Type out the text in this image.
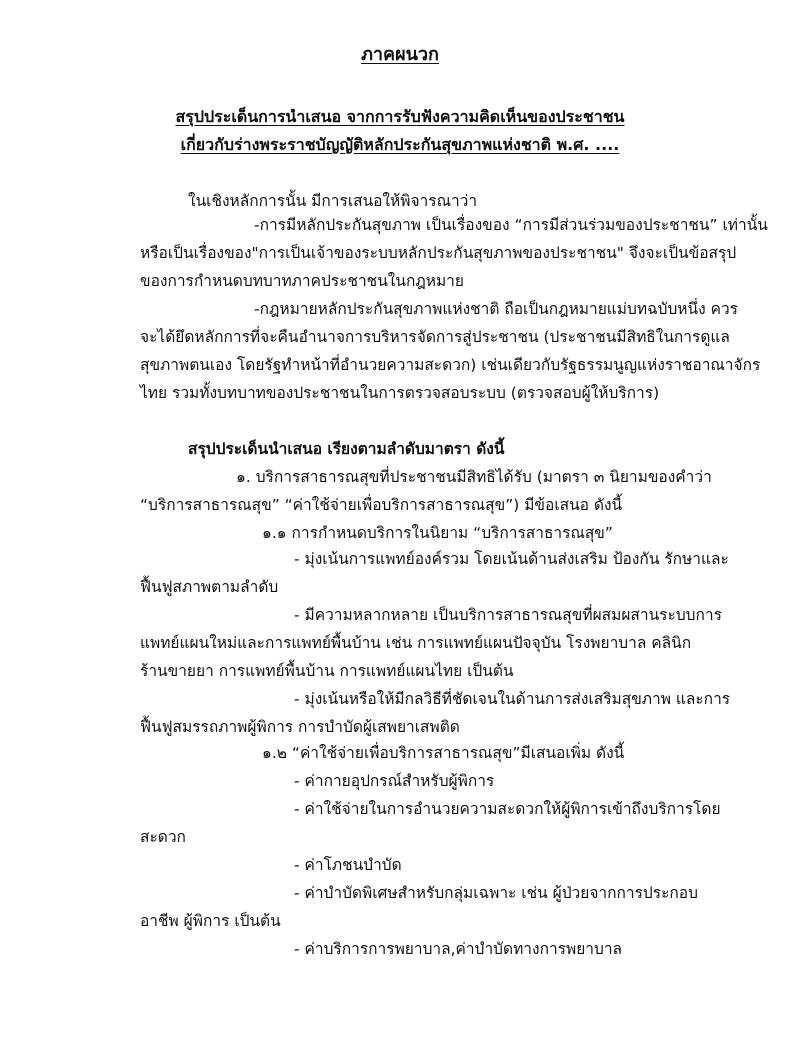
ภาคผนวก
สรุปประเด็นการนำเสนอ จากการรับฟังความคิดเห็นของประชาชน
เกี่ยวกับร่างพระราชบัญญัติหลักประกันสุขภาพแห่งชาติ พ.ศ. ....
ในเชิงหลักการนั้น มีการเสนอให้พิจารณาว่า
-การมีหลักประกันสุขภาพ เป็นเรื่องของ “การมีส่วนร่วมของประชาชน” เท่านั้น
หรือเป็นเรื่องของ"การเป็นเจ้าของระบบหลักประกันสุขภาพของประชาชน" จึงจะเป็นข้อสรุป
ของการกำหนดบทบาทภาคประชาชนในกฎหมาย
-กฎหมายหลักประกันสุขภาพแห่งชาติ ถือเป็นกฎหมายแม่บทฉบับหนึ่ง ควร
จะได้ยึดหลักการที่จะคืนอำนาจการบริหารจัดการสู่ประชาชน (ประชาชนมีสิทธิในการดูแล
สุขภาพตนเอง โดยรัฐทำหน้าที่อำนวยความสะดวก) เช่นเดียวกับรัฐธรรมนูญแห่งราชอาณาจักร
ไทย รวมทั้งบทบาทของประชาชนในการตรวจสอบระบบ (ตรวจสอบผู้ให้บริการ)
สรุปประเด็นนำเสนอ เรียงตามลำดับมาตรา ดังนี้
๑. บริการสาธารณสุขที่ประชาชนมีสิทธิได้รับ (มาตรา ๓ นิยามของคำว่า
“บริการสาธารณสุข” “ค่าใช้จ่ายเพื่อบริการสาธารณสุข”) มีข้อเสนอ ดังนี้
๑.๑ การกำหนดบริการในนิยาม “บริการสาธารณสุข”
- มุ่งเน้นการแพทย์องค์รวม โดยเน้นด้านส่งเสริม ป้องกัน รักษาและ
ฟื้นฟูสภาพตามลำดับ
- มีความหลากหลาย เป็นบริการสาธารณสุขที่ผสมผสานระบบการ
แพทย์แผนใหม่และการแพทย์พื้นบ้าน เช่น การแพทย์แผนปัจจุบัน โรงพยาบาล คลินิก
ร้านขายยา การแพทย์พื้นบ้าน การแพทย์แผนไทย เป็นต้น
- มุ่งเน้นหรือให้มีกลวิธีที่ชัดเจนในด้านการส่งเสริมสุขภาพ และการ
ฟื้นฟูสมรรถภาพผู้พิการ การบำบัดผู้เสพยาเสพติด
๑.๒ “ค่าใช้จ่ายเพื่อบริการสาธารณสุข”มีเสนอเพิ่ม ดังนี้
- ค่ากายอุปกรณ์สำหรับผู้พิการ
- ค่าใช้จ่ายในการอำนวยความสะดวกให้ผู้พิการเข้าถึงบริการโดย
สะดวก
- ค่าโภชนบำบัด
- ค่าบำบัดพิเศษสำหรับกลุ่มเฉพาะ เช่น ผู้ป่วยจากการประกอบ
อาชีพ ผู้พิการ เป็นต้น
- ค่าบริการการพยาบาล,ค่าบำบัดทางการพยาบาล
